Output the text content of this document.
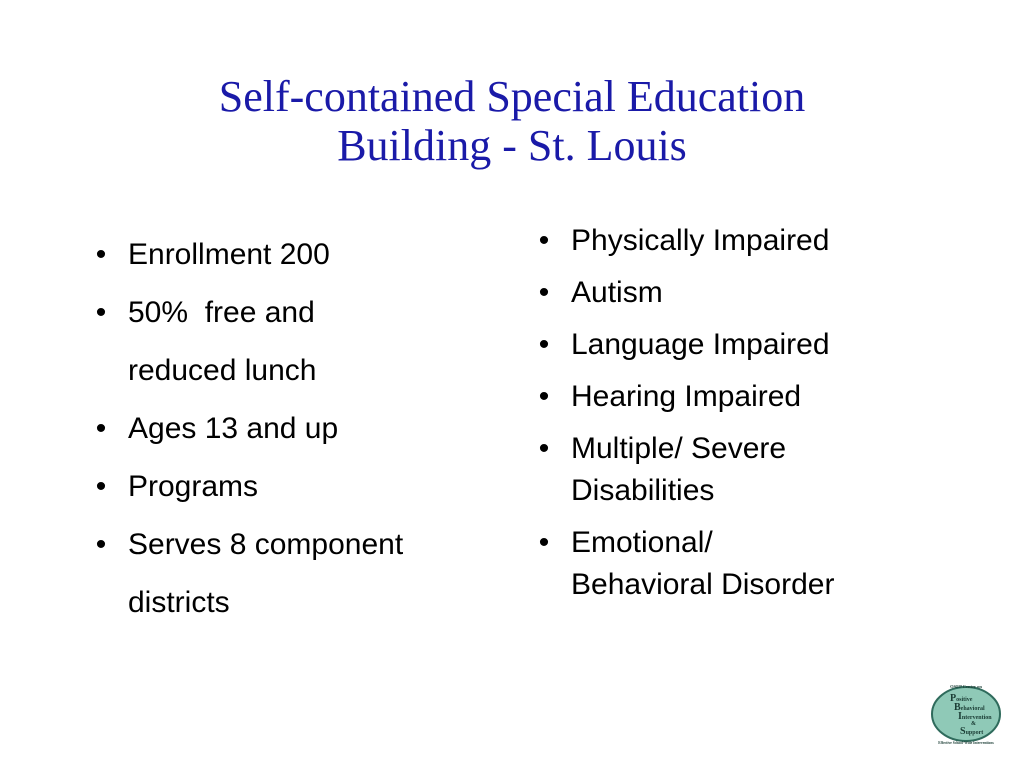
Self-contained Special Education
Building - St. Louis
• Enrollment 200
• 50%  free and
reduced lunch
• Ages 13 and up
• Programs
• Serves 8 component
districts
• Physically Impaired
• Autism
• Language Impaired
• Hearing Impaired
• Multiple/ Severe
Disabilities
• Emotional/
Behavioral Disorder
OSEP Center on
Positive
Behavioral
Intervention
&
Support
Effective School-Wide Interventions
